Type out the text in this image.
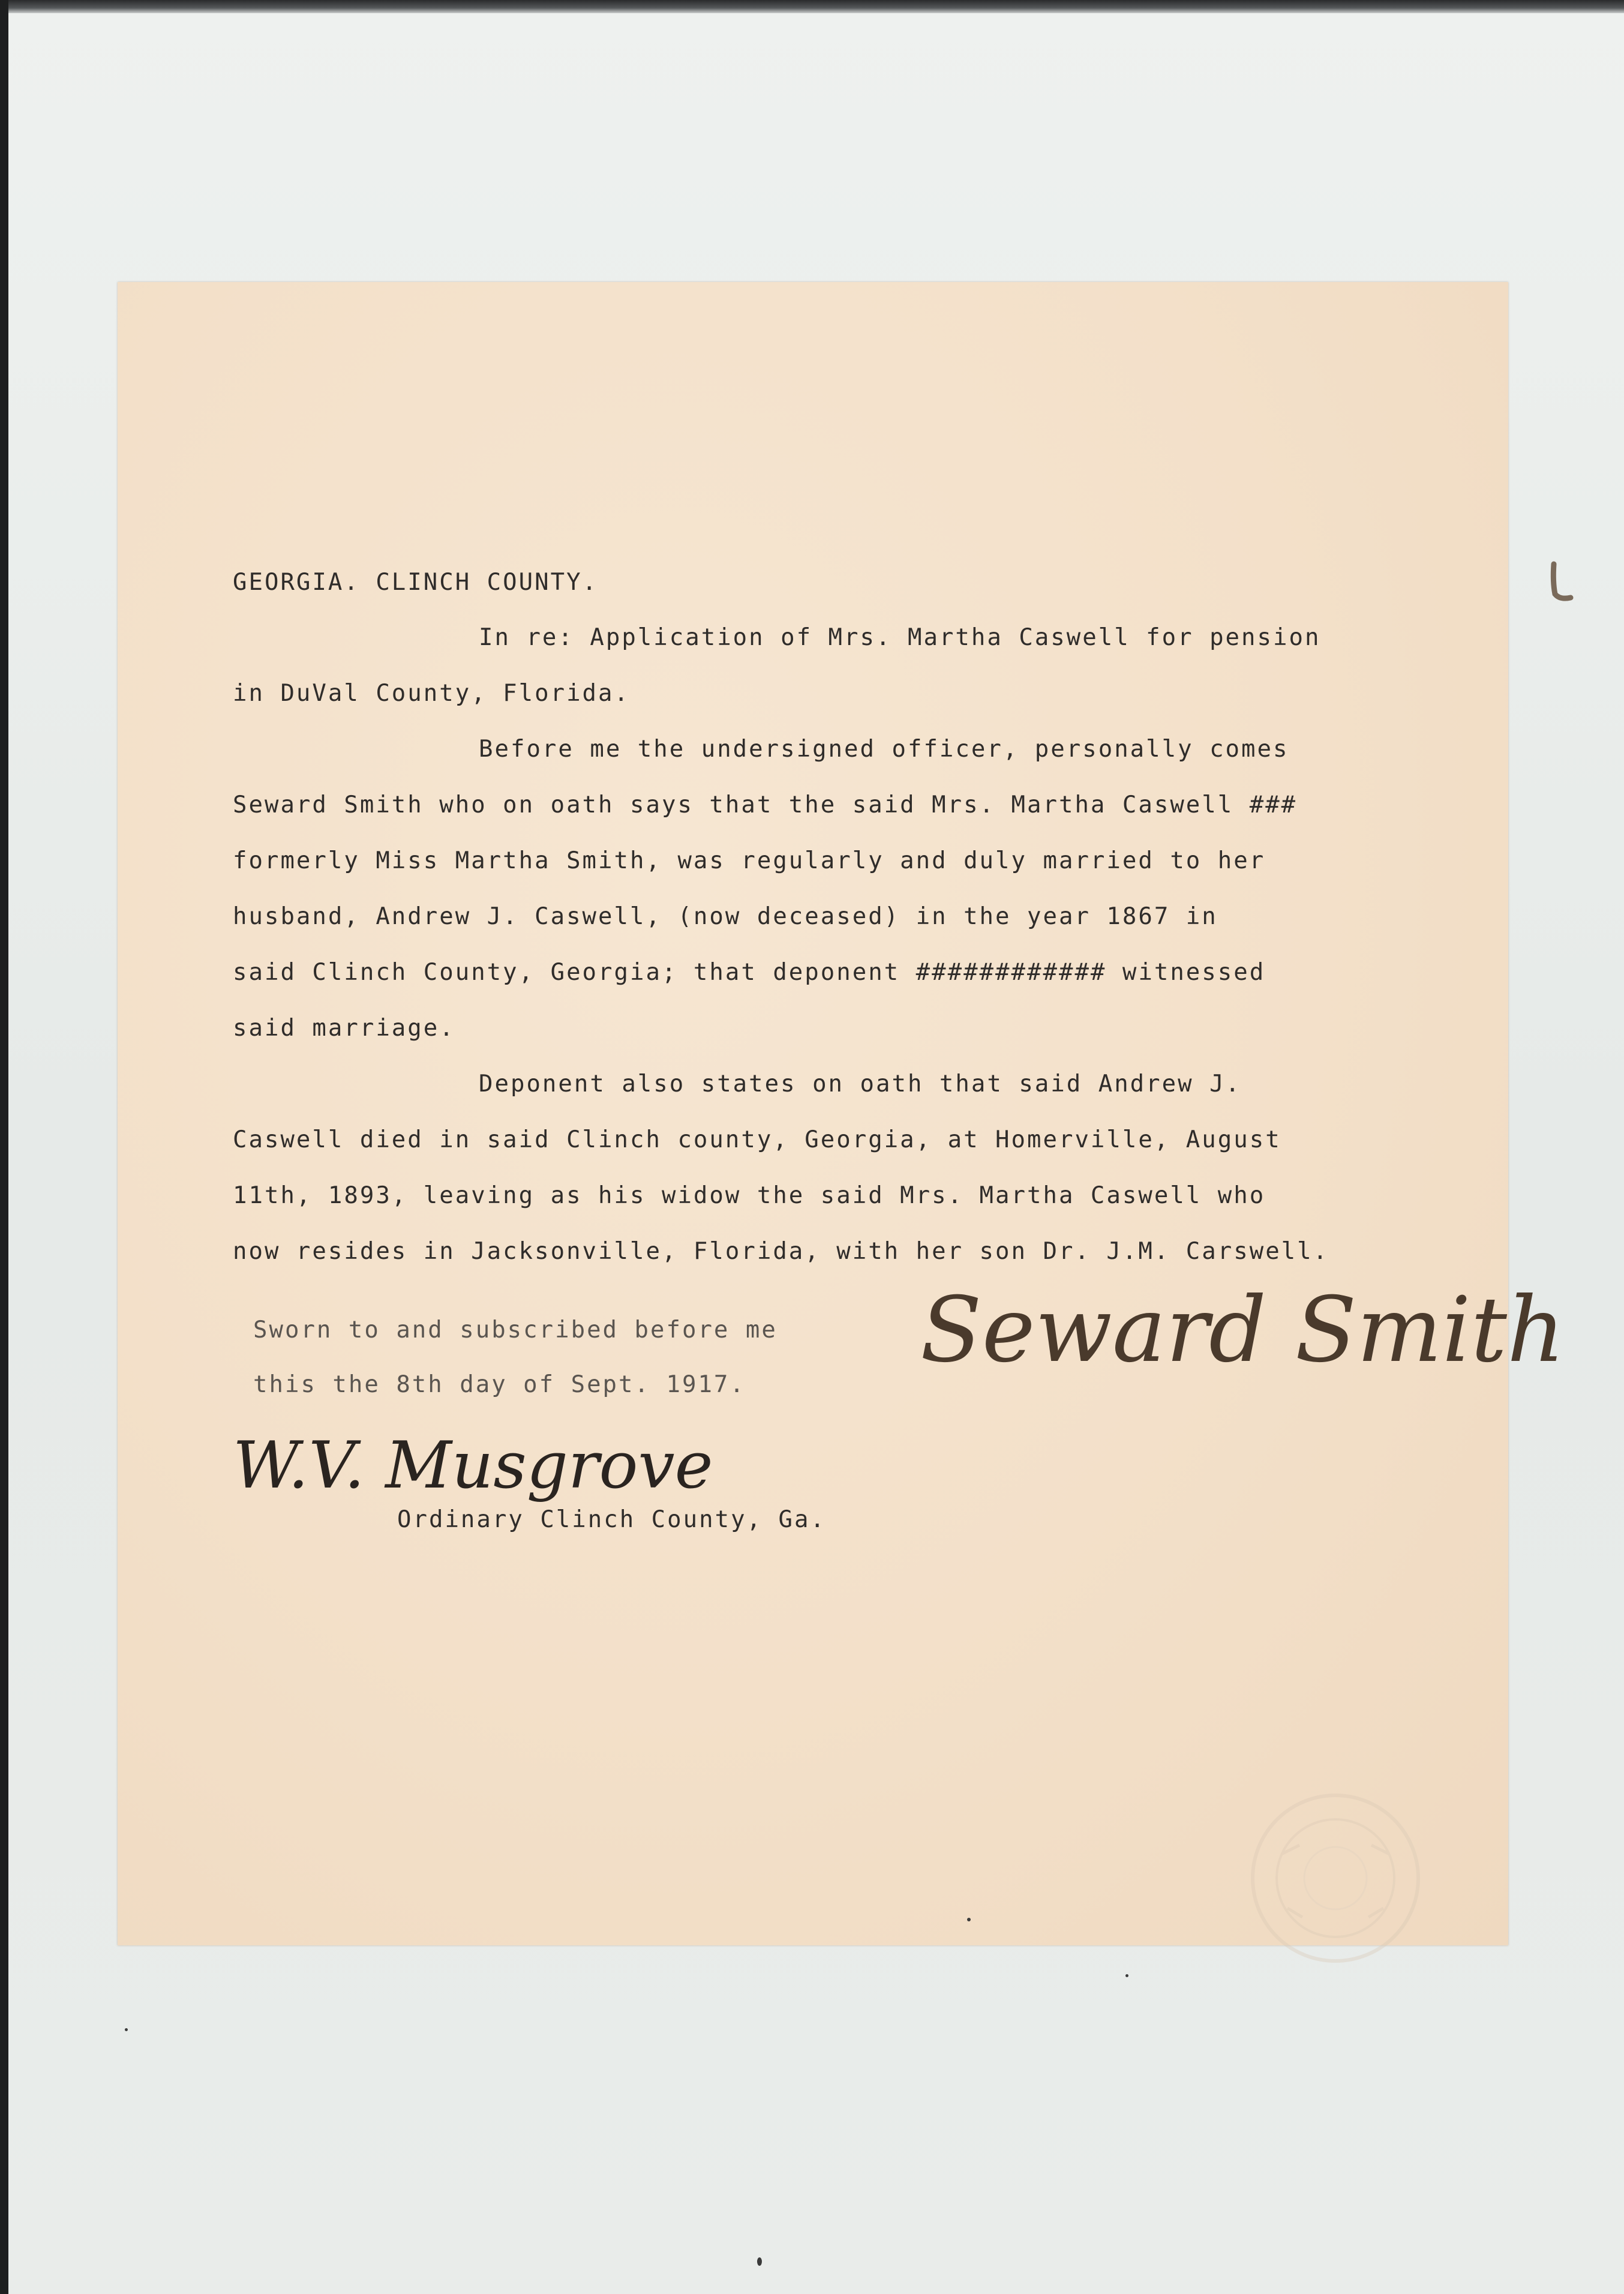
GEORGIA. CLINCH COUNTY.

In re: Application of Mrs. Martha Caswell for pension

in DuVal County, Florida.

Before me the undersigned officer, personally comes

Seward Smith who on oath says that the said Mrs. Martha Caswell ###

formerly Miss Martha Smith, was regularly and duly married to her

husband, Andrew J. Caswell, (now deceased) in the year 1867 in

said Clinch County, Georgia; that deponent ############ witnessed

said marriage.

Deponent also states on oath that said Andrew J.

Caswell died in said Clinch county, Georgia, at Homerville, August

11th, 1893, leaving as his widow the said Mrs. Martha Caswell who

now resides in Jacksonville, Florida, with her son Dr. J.M. Carswell.

Sworn to and subscribed before me

this the 8th day of Sept. 1917.

Seward Smith
W.V. Musgrove

Ordinary Clinch County, Ga.
